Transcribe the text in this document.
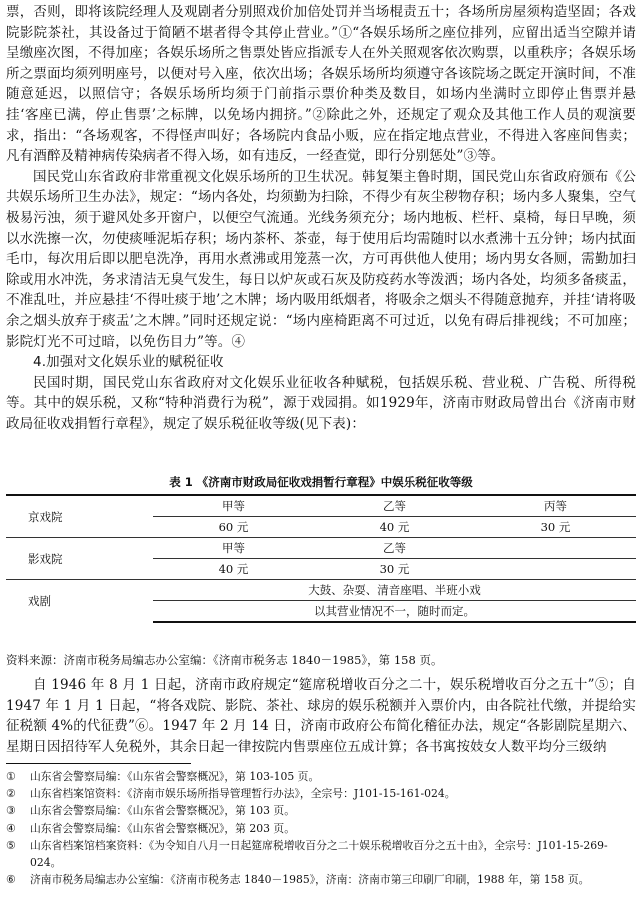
票，否则，即将该院经理人及观剧者分别照戏价加倍处罚并当场棍责五十；各场所房屋须构造坚固；各戏院影院茶社，其设备过于简陋不堪者得令其停止营业。”①“各娱乐场所之座位排列，应留出适当空隙并请呈缴座次图，不得加座；各娱乐场所之售票处皆应指派专人在外关照观客依次购票，以重秩序；各娱乐场所之票面均须列明座号，以便对号入座，依次出场；各娱乐场所均须遵守各该院场之既定开演时间，不准随意延迟，以照信守；各娱乐场所均须于门前指示票价种类及数目，如场内坐满时立即停止售票并悬挂‘客座已满，停止售票’之标牌，以免场内拥挤。”②除此之外，还规定了观众及其他工作人员的观演要求，指出：“各场观客，不得怪声叫好；各场院内食品小贩，应在指定地点营业，不得进入客座间售卖；凡有酒醉及精神病传染病者不得入场，如有违反，一经查觉，即行分别惩处”③等。

国民党山东省政府非常重视文化娱乐场所的卫生状况。韩复榘主鲁时期，国民党山东省政府颁布《公共娱乐场所卫生办法》，规定：“场内各处，均须勤为扫除，不得少有灰尘秽物存积；场内多人聚集，空气极易污浊，须于避风处多开窗户，以便空气流通。光线务须充分；场内地板、栏杆、桌椅，每日早晚，须以水洗擦一次，勿使痰唾泥垢存积；场内茶杯、茶壶，每于使用后均需随时以水煮沸十五分钟；场内拭面毛巾，每次用后即以肥皂洗净，再用水煮沸或用笼蒸一次，方可再供他人使用；场内男女各厕，需勤加扫除或用水冲洗，务求清洁无臭气发生，每日以炉灰或石灰及防疫药水等泼洒；场内各处，均须多备痰盂，不准乱吐，并应悬挂‘不得吐痰于地’之木牌；场内吸用纸烟者，将吸余之烟头不得随意抛弃，并挂‘请将吸余之烟头放弃于痰盂’之木牌。”同时还规定说：“场内座椅距离不可过近，以免有碍后排视线；不可加座；影院灯光不可过暗，以免伤目力”等。④

4.加强对文化娱乐业的赋税征收

民国时期，国民党山东省政府对文化娱乐业征收各种赋税，包括娱乐税、营业税、广告税、所得税等。其中的娱乐税，又称“特种消费行为税”，源于戏园捐。如1929年，济南市财政局曾出台《济南市财政局征收戏捐暂行章程》，规定了娱乐税征收等级(见下表)：

表 1 《济南市财政局征收戏捐暂行章程》中娱乐税征收等级
京戏院	甲等	乙等	丙等
	60 元	40 元	30 元
影戏院	甲等	乙等	
	40 元	30 元	
戏剧	大鼓、杂耍、清音座唱、半班小戏		
	以其营业情况不一，随时而定。		
资料来源：济南市税务局编志办公室编：《济南市税务志 1840－1985》，第 158 页。

自 1946 年 8 月 1 日起，济南市政府规定“筵席税增收百分之二十，娱乐税增收百分之五十”⑤；自 1947 年 1 月 1 日起，“将各戏院、影院、茶社、球房的娱乐税额并入票价内，由各院社代缴，并提给实征税额 4%的代征费”⑥。1947 年 2 月 14 日，济南市政府公布简化稽征办法，规定“各影剧院星期六、星期日因招待军人免税外，其余日起一律按院内售票座位五成计算；各书寓按妓女人数平均分三级纳

①	山东省会警察局编：《山东省会警察概况》，第 103-105 页。
②	山东省档案馆资料：《济南市娱乐场所指导管理暂行办法》，全宗号：J101-15-161-024。
③	山东省会警察局编：《山东省会警察概况》，第 103 页。
④	山东省会警察局编：《山东省会警察概况》，第 203 页。
⑤	山东省档案馆档案资料：《为令知自八月一日起筵席税增收百分之二十娱乐税增收百分之五十由》，全宗号：J101-15-269-024。
⑥	济南市税务局编志办公室编：《济南市税务志 1840－1985》，济南：济南市第三印刷厂印刷，1988 年，第 158 页。
